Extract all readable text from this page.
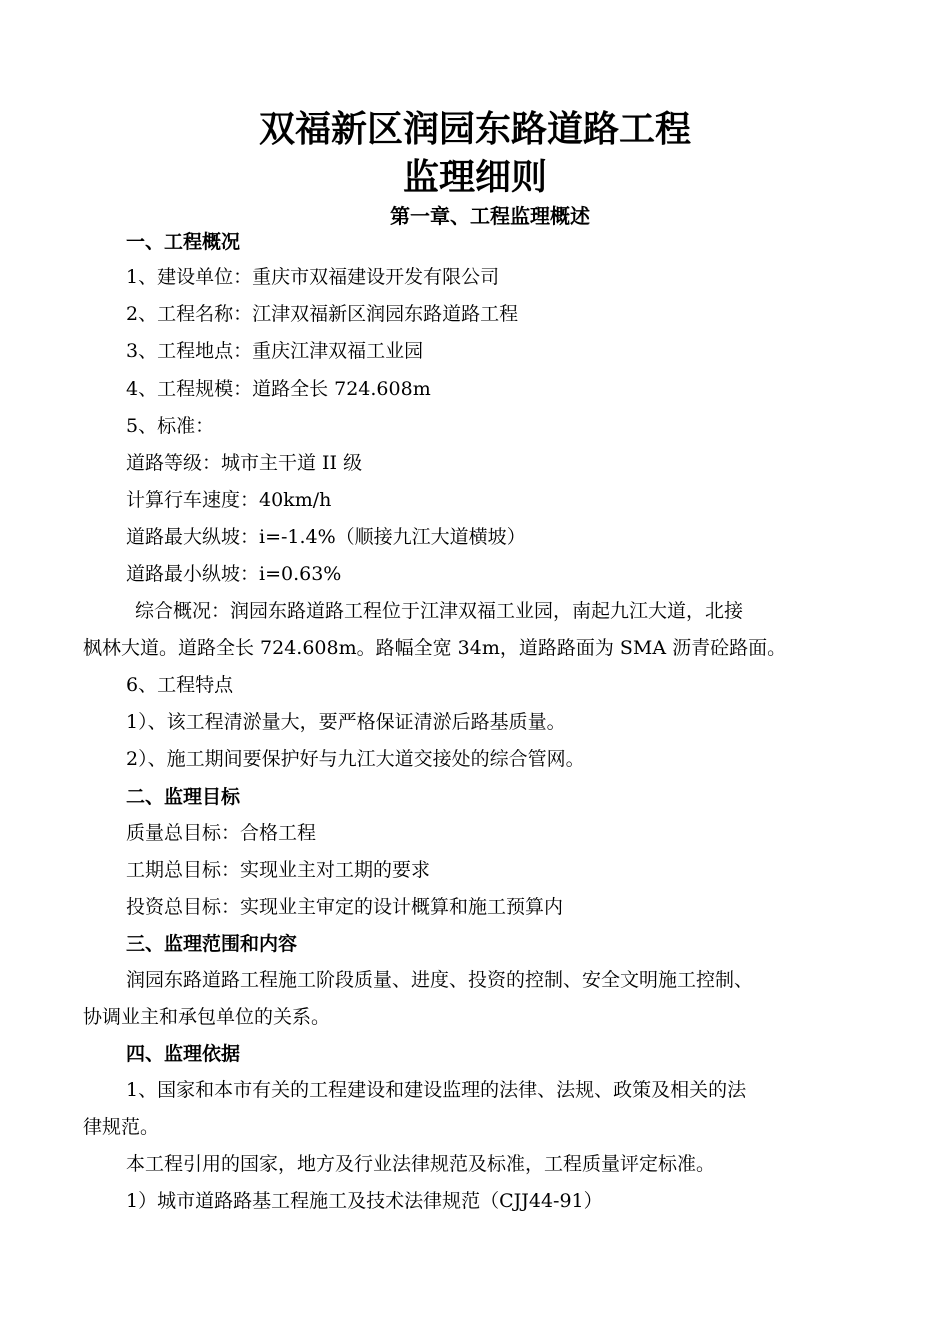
双福新区润园东路道路工程
监理细则
第一章、工程监理概述
一、工程概况
1、建设单位：重庆市双福建设开发有限公司
2、工程名称：江津双福新区润园东路道路工程
3、工程地点：重庆江津双福工业园
4、工程规模：道路全长 724.608m
5、标准：
道路等级：城市主干道 II 级
计算行车速度：40km/h
道路最大纵坡：i=-1.4%（顺接九江大道横坡）
道路最小纵坡：i=0.63%
综合概况：润园东路道路工程位于江津双福工业园，南起九江大道，北接
枫林大道。道路全长 724.608m。路幅全宽 34m，道路路面为 SMA 沥青砼路面。
6、工程特点
1）、该工程清淤量大，要严格保证清淤后路基质量。
2）、施工期间要保护好与九江大道交接处的综合管网。
二、监理目标
质量总目标：合格工程
工期总目标：实现业主对工期的要求
投资总目标：实现业主审定的设计概算和施工预算内
三、监理范围和内容
润园东路道路工程施工阶段质量、进度、投资的控制、安全文明施工控制、
协调业主和承包单位的关系。
四、监理依据
1、国家和本市有关的工程建设和建设监理的法律、法规、政策及相关的法
律规范。
本工程引用的国家，地方及行业法律规范及标准，工程质量评定标准。
1）城市道路路基工程施工及技术法律规范（CJJ44-91）
